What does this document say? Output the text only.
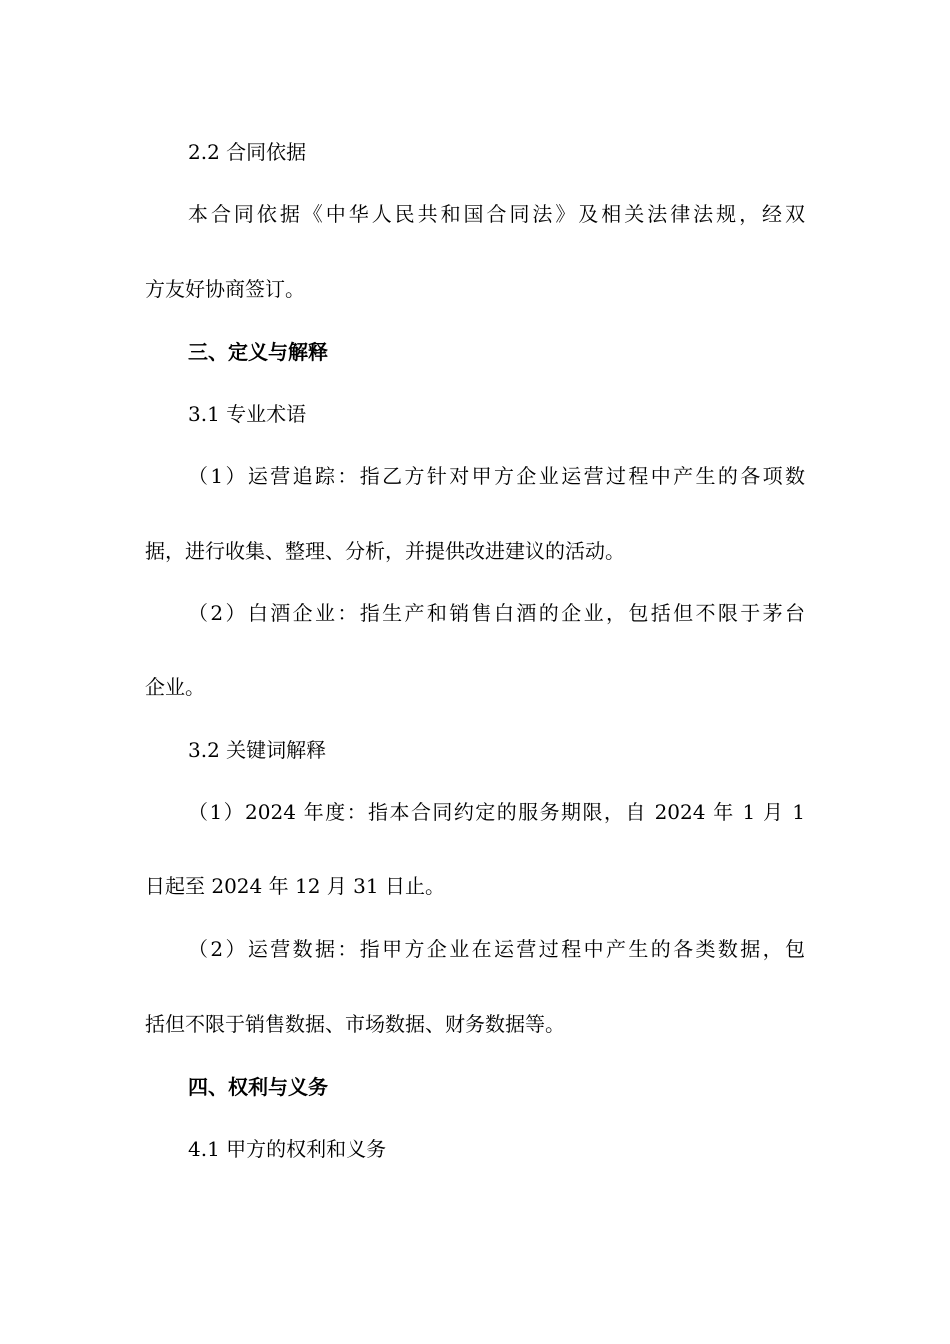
2.2 合同依据
本合同依据《中华人民共和国合同法》及相关法律法规，经双
方友好协商签订。
三、定义与解释
3.1 专业术语
（1）运营追踪：指乙方针对甲方企业运营过程中产生的各项数
据，进行收集、整理、分析，并提供改进建议的活动。
（2）白酒企业：指生产和销售白酒的企业，包括但不限于茅台
企业。
3.2 关键词解释
（1）2024 年度：指本合同约定的服务期限，自 2024 年 1 月 1
日起至 2024 年 12 月 31 日止。
（2）运营数据：指甲方企业在运营过程中产生的各类数据，包
括但不限于销售数据、市场数据、财务数据等。
四、权利与义务
4.1 甲方的权利和义务
